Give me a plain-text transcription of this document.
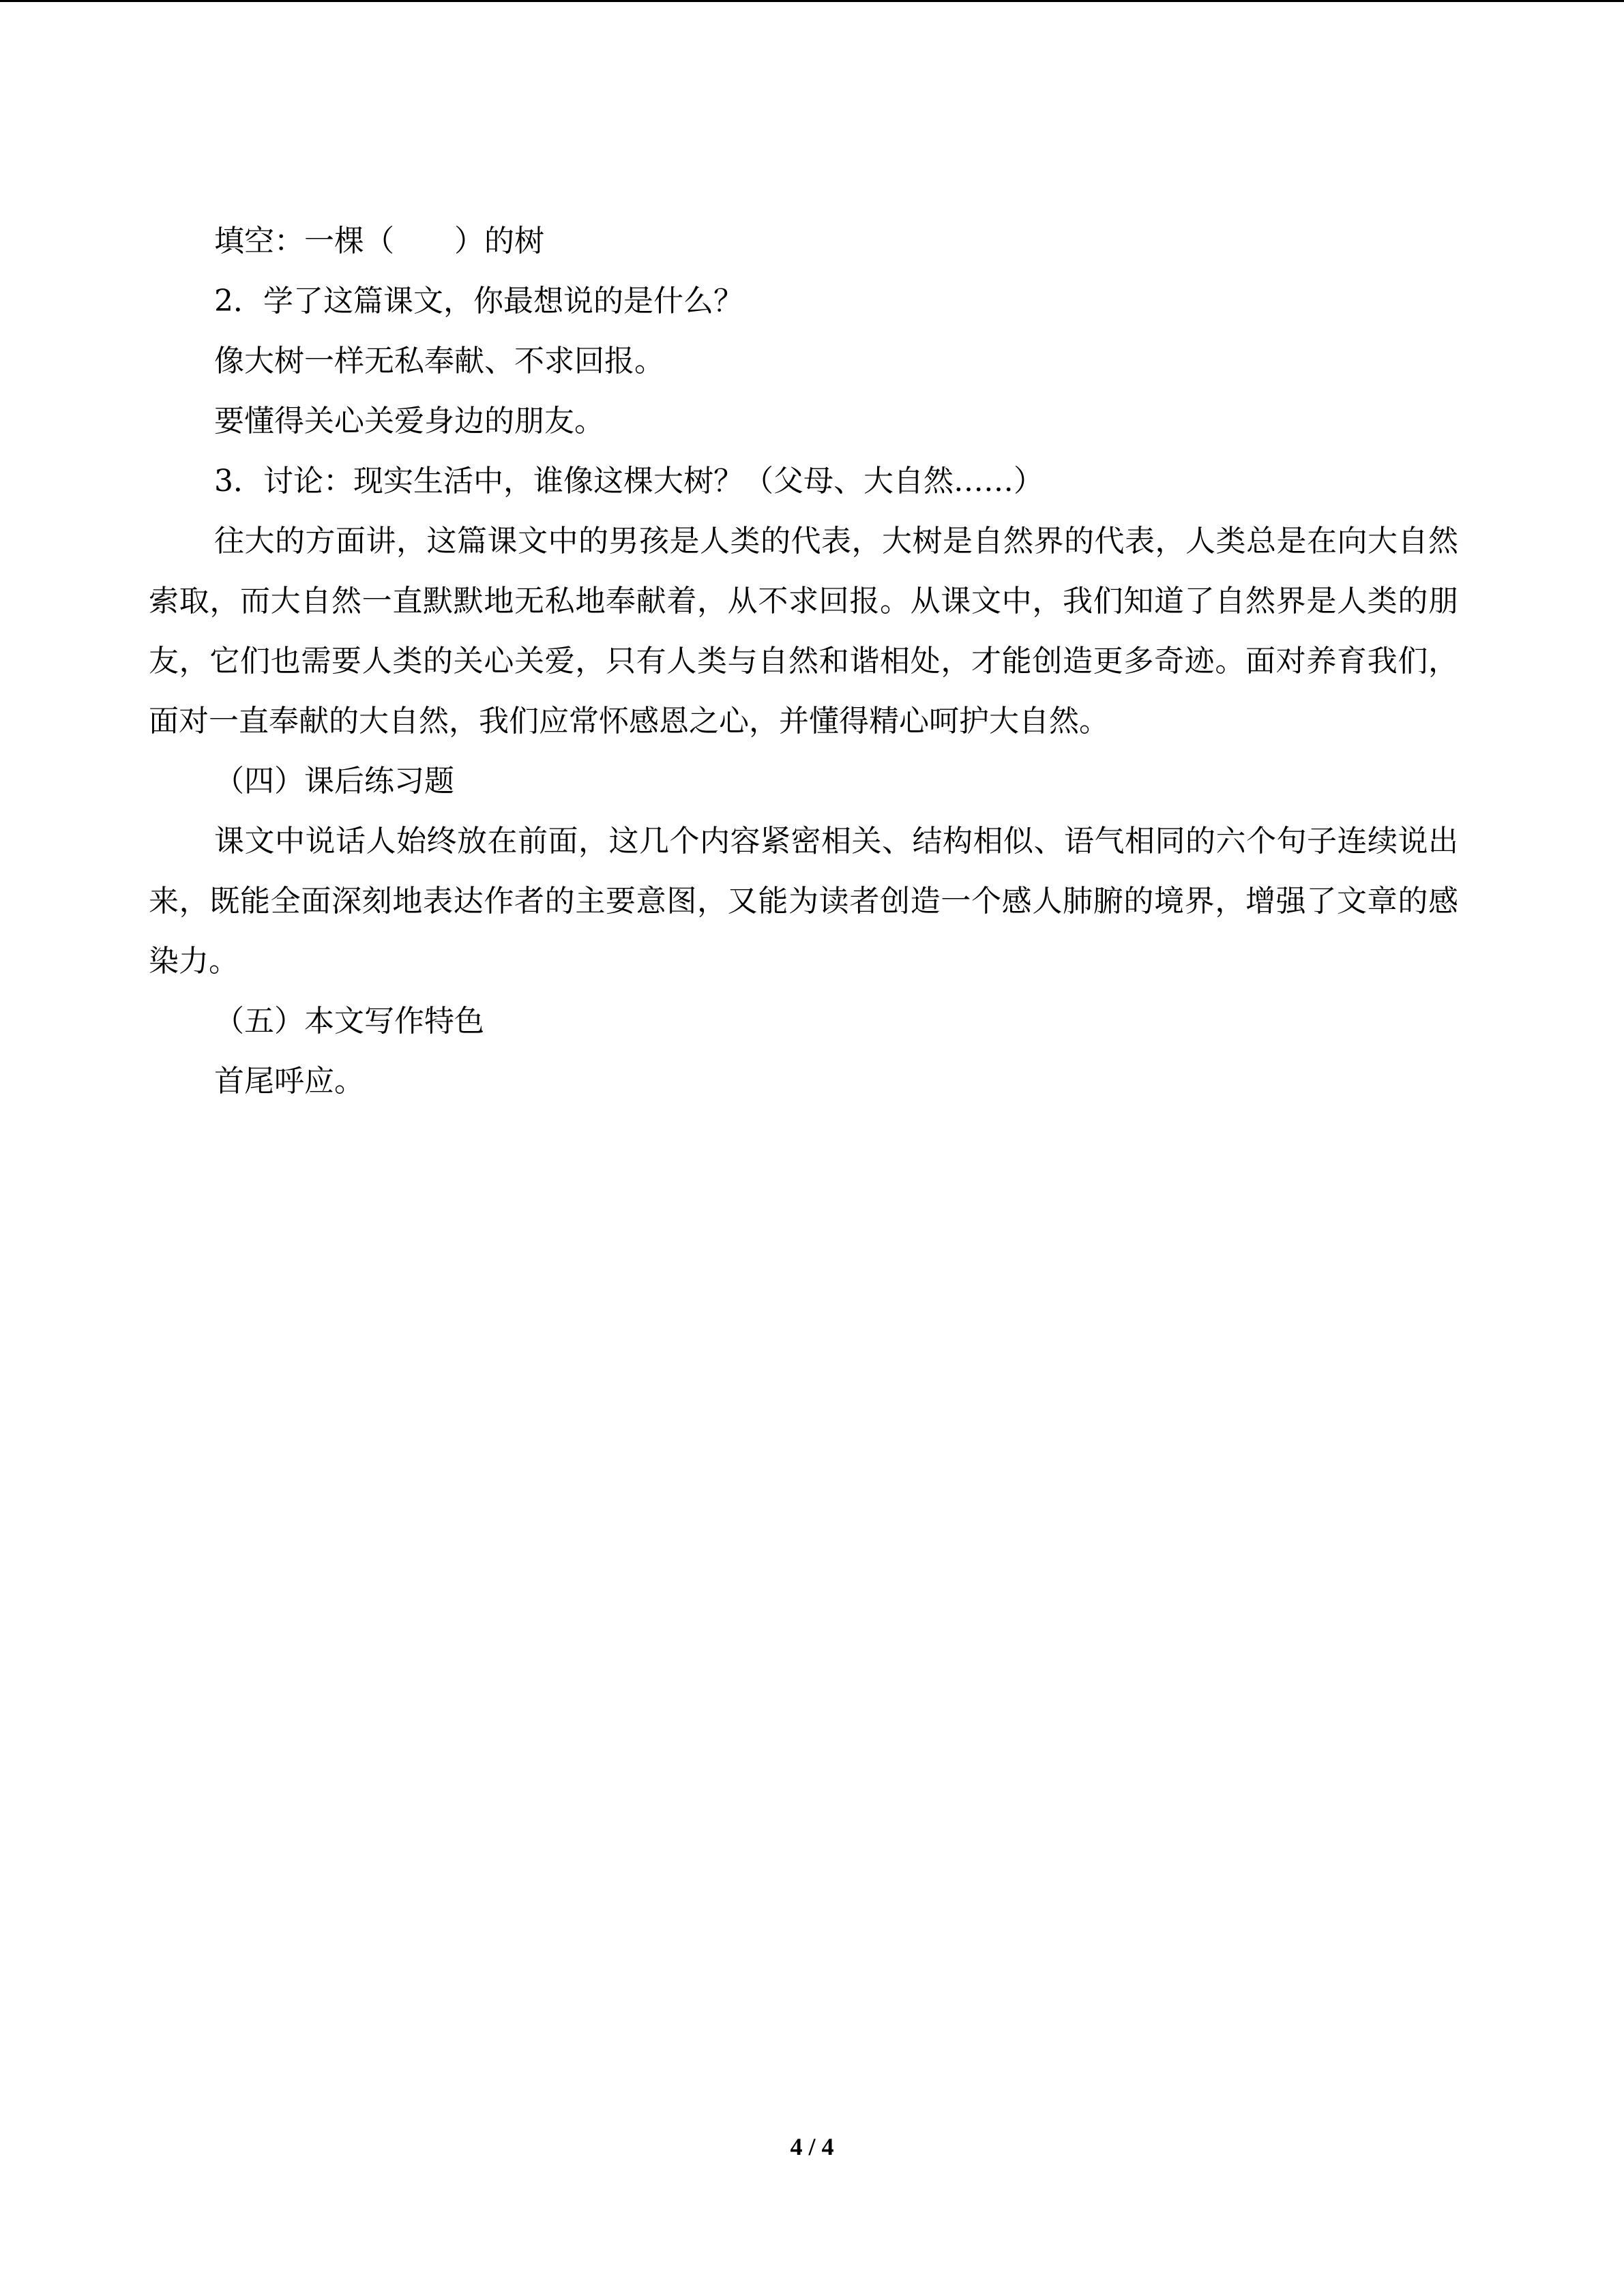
填空：一棵（　　）的树

2．学了这篇课文，你最想说的是什么？

像大树一样无私奉献、不求回报。

要懂得关心关爱身边的朋友。

3．讨论：现实生活中，谁像这棵大树？（父母、大自然……）

往大的方面讲，这篇课文中的男孩是人类的代表，大树是自然界的代表，人类总是在向大自然索取，而大自然一直默默地无私地奉献着，从不求回报。从课文中，我们知道了自然界是人类的朋友，它们也需要人类的关心关爱，只有人类与自然和谐相处，才能创造更多奇迹。面对养育我们，面对一直奉献的大自然，我们应常怀感恩之心，并懂得精心呵护大自然。

（四）课后练习题

课文中说话人始终放在前面，这几个内容紧密相关、结构相似、语气相同的六个句子连续说出来，既能全面深刻地表达作者的主要意图，又能为读者创造一个感人肺腑的境界，增强了文章的感染力。

（五）本文写作特色

首尾呼应。

4 / 4
